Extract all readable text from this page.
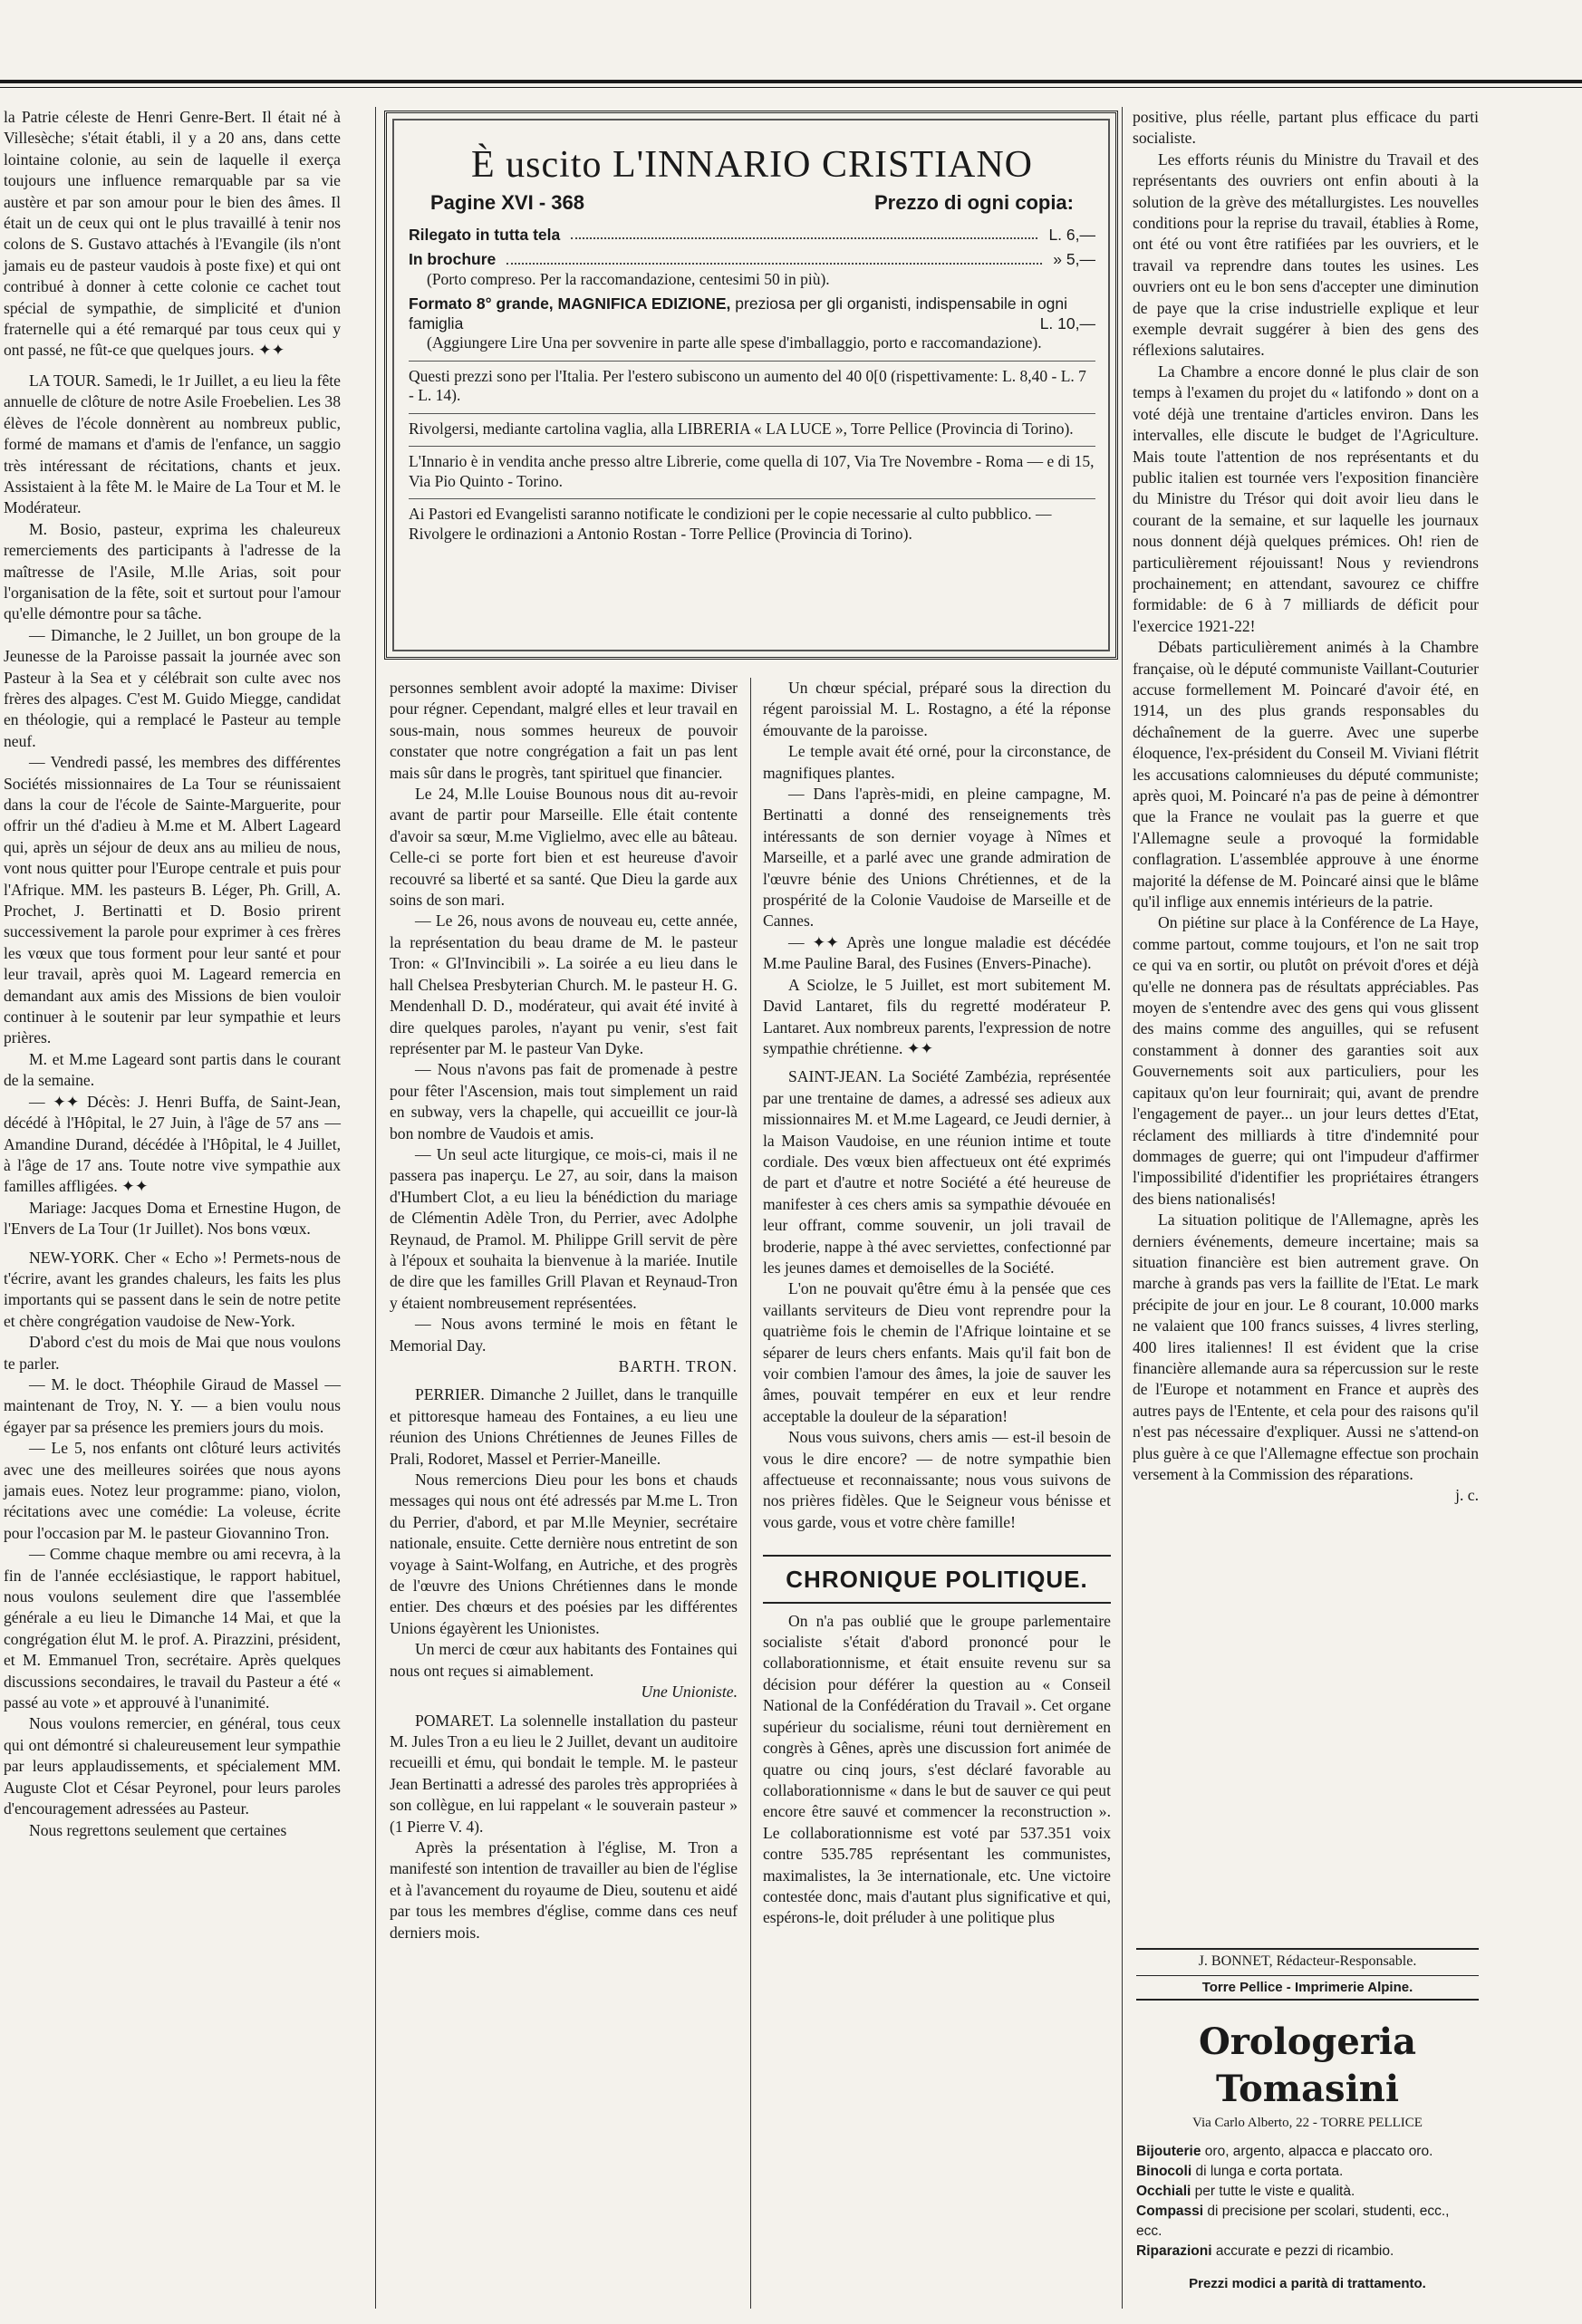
la Patrie céleste de Henri Genre-Bert. Il était né à Villesèche; s'était établi, il y a 20 ans, dans cette lointaine colonie, au sein de laquelle il exerça toujours une influence remarquable par sa vie austère et par son amour pour le bien des âmes. Il était un de ceux qui ont le plus travaillé à tenir nos colons de S. Gustavo attachés à l'Evangile (ils n'ont jamais eu de pasteur vaudois à poste fixe) et qui ont contribué à donner à cette colonie ce cachet tout spécial de sympathie, de simplicité et d'union fraternelle qui a été remarqué par tous ceux qui y ont passé, ne fût-ce que quelques jours. ✦✦

LA TOUR. Samedi, le 1r Juillet, a eu lieu la fête annuelle de clôture de notre Asile Froebelien. Les 38 élèves de l'école donnèrent au nombreux public, formé de mamans et d'amis de l'enfance, un saggio très intéressant de récitations, chants et jeux. Assistaient à la fête M. le Maire de La Tour et M. le Modérateur.

M. Bosio, pasteur, exprima les chaleureux remerciements des participants à l'adresse de la maîtresse de l'Asile, M.lle Arias, soit pour l'organisation de la fête, soit et surtout pour l'amour qu'elle démontre pour sa tâche.

— Dimanche, le 2 Juillet, un bon groupe de la Jeunesse de la Paroisse passait la journée avec son Pasteur à la Sea et y célébrait son culte avec nos frères des alpages. C'est M. Guido Miegge, candidat en théologie, qui a remplacé le Pasteur au temple neuf.

— Vendredi passé, les membres des différentes Sociétés missionnaires de La Tour se réunissaient dans la cour de l'école de Sainte-Marguerite, pour offrir un thé d'adieu à M.me et M. Albert Lageard qui, après un séjour de deux ans au milieu de nous, vont nous quitter pour l'Europe centrale et puis pour l'Afrique. MM. les pasteurs B. Léger, Ph. Grill, A. Prochet, J. Bertinatti et D. Bosio prirent successivement la parole pour exprimer à ces frères les vœux que tous forment pour leur santé et pour leur travail, après quoi M. Lageard remercia en demandant aux amis des Missions de bien vouloir continuer à le soutenir par leur sympathie et leurs prières.

M. et M.me Lageard sont partis dans le courant de la semaine.

— ✦✦ Décès: J. Henri Buffa, de Saint-Jean, décédé à l'Hôpital, le 27 Juin, à l'âge de 57 ans — Amandine Durand, décédée à l'Hôpital, le 4 Juillet, à l'âge de 17 ans. Toute notre vive sympathie aux familles affligées. ✦✦

Mariage: Jacques Doma et Ernestine Hugon, de l'Envers de La Tour (1r Juillet). Nos bons vœux.

NEW-YORK. Cher « Echo »! Permets-nous de t'écrire, avant les grandes chaleurs, les faits les plus importants qui se passent dans le sein de notre petite et chère congrégation vaudoise de New-York.

D'abord c'est du mois de Mai que nous voulons te parler.

— M. le doct. Théophile Giraud de Massel — maintenant de Troy, N. Y. — a bien voulu nous égayer par sa présence les premiers jours du mois.

— Le 5, nos enfants ont clôturé leurs activités avec une des meilleures soirées que nous ayons jamais eues. Notez leur programme: piano, violon, récitations avec une comédie: La voleuse, écrite pour l'occasion par M. le pasteur Giovannino Tron.

— Comme chaque membre ou ami recevra, à la fin de l'année ecclésiastique, le rapport habituel, nous voulons seulement dire que l'assemblée générale a eu lieu le Dimanche 14 Mai, et que la congrégation élut M. le prof. A. Pirazzini, président, et M. Emmanuel Tron, secrétaire. Après quelques discussions secondaires, le travail du Pasteur a été « passé au vote » et approuvé à l'unanimité.

Nous voulons remercier, en général, tous ceux qui ont démontré si chaleureusement leur sympathie par leurs applaudissements, et spécialement MM. Auguste Clot et César Peyronel, pour leurs paroles d'encouragement adressées au Pasteur.

Nous regrettons seulement que certaines

È uscito L'INNARIO CRISTIANO
Pagine XVI - 368	Prezzo di ogni copia:
Rilegato in tutta tela	L. 6,—
In brochure	» 5,—

(Porto compreso. Per la raccomandazione, centesimi 50 in più).

Formato 8° grande, MAGNIFICA EDIZIONE, preziosa per gli organisti, indispensabile in ogni famiglia	L. 10,—

(Aggiungere Lire Una per sovvenire in parte alle spese d'imballaggio, porto e raccomandazione).

Questi prezzi sono per l'Italia. Per l'estero subiscono un aumento del 40 0[0 (rispettivamente: L. 8,40 - L. 7 - L. 14).

Rivolgersi, mediante cartolina vaglia, alla LIBRERIA « LA LUCE », Torre Pellice (Provincia di Torino).

L'Innario è in vendita anche presso altre Librerie, come quella di 107, Via Tre Novembre - Roma — e di 15, Via Pio Quinto - Torino.

Ai Pastori ed Evangelisti saranno notificate le condizioni per le copie necessarie al culto pubblico. — Rivolgere le ordinazioni a Antonio Rostan - Torre Pellice (Provincia di Torino).

personnes semblent avoir adopté la maxime: Diviser pour régner. Cependant, malgré elles et leur travail en sous-main, nous sommes heureux de pouvoir constater que notre congrégation a fait un pas lent mais sûr dans le progrès, tant spirituel que financier.

Le 24, M.lle Louise Bounous nous dit au-revoir avant de partir pour Marseille. Elle était contente d'avoir sa sœur, M.me Viglielmo, avec elle au bâteau. Celle-ci se porte fort bien et est heureuse d'avoir recouvré sa liberté et sa santé. Que Dieu la garde aux soins de son mari.

— Le 26, nous avons de nouveau eu, cette année, la représentation du beau drame de M. le pasteur Tron: « Gl'Invincibili ». La soirée a eu lieu dans le hall Chelsea Presbyterian Church. M. le pasteur H. G. Mendenhall D. D., modérateur, qui avait été invité à dire quelques paroles, n'ayant pu venir, s'est fait représenter par M. le pasteur Van Dyke.

— Nous n'avons pas fait de promenade à pestre pour fêter l'Ascension, mais tout simplement un raid en subway, vers la chapelle, qui accueillit ce jour-là bon nombre de Vaudois et amis.

— Un seul acte liturgique, ce mois-ci, mais il ne passera pas inaperçu. Le 27, au soir, dans la maison d'Humbert Clot, a eu lieu la bénédiction du mariage de Clémentin Adèle Tron, du Perrier, avec Adolphe Reynaud, de Pramol. M. Philippe Grill servit de père à l'époux et souhaita la bienvenue à la mariée. Inutile de dire que les familles Grill Plavan et Reynaud-Tron y étaient nombreusement représentées.

— Nous avons terminé le mois en fêtant le Memorial Day.

BARTH. TRON.

PERRIER. Dimanche 2 Juillet, dans le tranquille et pittoresque hameau des Fontaines, a eu lieu une réunion des Unions Chrétiennes de Jeunes Filles de Prali, Rodoret, Massel et Perrier-Maneille.

Nous remercions Dieu pour les bons et chauds messages qui nous ont été adressés par M.me L. Tron du Perrier, d'abord, et par M.lle Meynier, secrétaire nationale, ensuite. Cette dernière nous entretint de son voyage à Saint-Wolfang, en Autriche, et des progrès de l'œuvre des Unions Chrétiennes dans le monde entier. Des chœurs et des poésies par les différentes Unions égayèrent les Unionistes.

Un merci de cœur aux habitants des Fontaines qui nous ont reçues si aimablement.

Une Unioniste.

POMARET. La solennelle installation du pasteur M. Jules Tron a eu lieu le 2 Juillet, devant un auditoire recueilli et ému, qui bondait le temple. M. le pasteur Jean Bertinatti a adressé des paroles très appropriées à son collègue, en lui rappelant « le souverain pasteur » (1 Pierre V. 4).

Après la présentation à l'église, M. Tron a manifesté son intention de travailler au bien de l'église et à l'avancement du royaume de Dieu, soutenu et aidé par tous les membres d'église, comme dans ces neuf derniers mois.

Un chœur spécial, préparé sous la direction du régent paroissial M. L. Rostagno, a été la réponse émouvante de la paroisse.

Le temple avait été orné, pour la circonstance, de magnifiques plantes.

— Dans l'après-midi, en pleine campagne, M. Bertinatti a donné des renseignements très intéressants de son dernier voyage à Nîmes et Marseille, et a parlé avec une grande admiration de l'œuvre bénie des Unions Chrétiennes, et de la prospérité de la Colonie Vaudoise de Marseille et de Cannes.

— ✦✦ Après une longue maladie est décédée M.me Pauline Baral, des Fusines (Envers-Pinache).

A Sciolze, le 5 Juillet, est mort subitement M. David Lantaret, fils du regretté modérateur P. Lantaret. Aux nombreux parents, l'expression de notre sympathie chrétienne. ✦✦

SAINT-JEAN. La Société Zambézia, représentée par une trentaine de dames, a adressé ses adieux aux missionnaires M. et M.me Lageard, ce Jeudi dernier, à la Maison Vaudoise, en une réunion intime et toute cordiale. Des vœux bien affectueux ont été exprimés de part et d'autre et notre Société a été heureuse de manifester à ces chers amis sa sympathie dévouée en leur offrant, comme souvenir, un joli travail de broderie, nappe à thé avec serviettes, confectionné par les jeunes dames et demoiselles de la Société.

L'on ne pouvait qu'être ému à la pensée que ces vaillants serviteurs de Dieu vont reprendre pour la quatrième fois le chemin de l'Afrique lointaine et se séparer de leurs chers enfants. Mais qu'il fait bon de voir combien l'amour des âmes, la joie de sauver les âmes, pouvait tempérer en eux et leur rendre acceptable la douleur de la séparation!

Nous vous suivons, chers amis — est-il besoin de vous le dire encore? — de notre sympathie bien affectueuse et reconnaissante; nous vous suivons de nos prières fidèles. Que le Seigneur vous bénisse et vous garde, vous et votre chère famille!

CHRONIQUE POLITIQUE.

On n'a pas oublié que le groupe parlementaire socialiste s'était d'abord prononcé pour le collaborationnisme, et était ensuite revenu sur sa décision pour déférer la question au « Conseil National de la Confédération du Travail ». Cet organe supérieur du socialisme, réuni tout dernièrement en congrès à Gênes, après une discussion fort animée de quatre ou cinq jours, s'est déclaré favorable au collaborationnisme « dans le but de sauver ce qui peut encore être sauvé et commencer la reconstruction ». Le collaborationnisme est voté par 537.351 voix contre 535.785 représentant les communistes, maximalistes, la 3e internationale, etc. Une victoire contestée donc, mais d'autant plus significative et qui, espérons-le, doit préluder à une politique plus

positive, plus réelle, partant plus efficace du parti socialiste.

Les efforts réunis du Ministre du Travail et des représentants des ouvriers ont enfin abouti à la solution de la grève des métallurgistes. Les nouvelles conditions pour la reprise du travail, établies à Rome, ont été ou vont être ratifiées par les ouvriers, et le travail va reprendre dans toutes les usines. Les ouvriers ont eu le bon sens d'accepter une diminution de paye que la crise industrielle explique et leur exemple devrait suggérer à bien des gens des réflexions salutaires.

La Chambre a encore donné le plus clair de son temps à l'examen du projet du « latifondo » dont on a voté déjà une trentaine d'articles environ. Dans les intervalles, elle discute le budget de l'Agriculture. Mais toute l'attention de nos représentants et du public italien est tournée vers l'exposition financière du Ministre du Trésor qui doit avoir lieu dans le courant de la semaine, et sur laquelle les journaux nous donnent déjà quelques prémices. Oh! rien de particulièrement réjouissant! Nous y reviendrons prochainement; en attendant, savourez ce chiffre formidable: de 6 à 7 milliards de déficit pour l'exercice 1921-22!

Débats particulièrement animés à la Chambre française, où le député communiste Vaillant-Couturier accuse formellement M. Poincaré d'avoir été, en 1914, un des plus grands responsables du déchaînement de la guerre. Avec une superbe éloquence, l'ex-président du Conseil M. Viviani flétrit les accusations calomnieuses du député communiste; après quoi, M. Poincaré n'a pas de peine à démontrer que la France ne voulait pas la guerre et que l'Allemagne seule a provoqué la formidable conflagration. L'assemblée approuve à une énorme majorité la défense de M. Poincaré ainsi que le blâme qu'il inflige aux ennemis intérieurs de la patrie.

On piétine sur place à la Conférence de La Haye, comme partout, comme toujours, et l'on ne sait trop ce qui va en sortir, ou plutôt on prévoit d'ores et déjà qu'elle ne donnera pas de résultats appréciables. Pas moyen de s'entendre avec des gens qui vous glissent des mains comme des anguilles, qui se refusent constamment à donner des garanties soit aux Gouvernements soit aux particuliers, pour les capitaux qu'on leur fournirait; qui, avant de prendre l'engagement de payer... un jour leurs dettes d'Etat, réclament des milliards à titre d'indemnité pour dommages de guerre; qui ont l'impudeur d'affirmer l'impossibilité d'identifier les propriétaires étrangers des biens nationalisés!

La situation politique de l'Allemagne, après les derniers événements, demeure incertaine; mais sa situation financière est bien autrement grave. On marche à grands pas vers la faillite de l'Etat. Le mark précipite de jour en jour. Le 8 courant, 10.000 marks ne valaient que 100 francs suisses, 4 livres sterling, 400 lires italiennes! Il est évident que la crise financière allemande aura sa répercussion sur le reste de l'Europe et notamment en France et auprès des autres pays de l'Entente, et cela pour des raisons qu'il n'est pas nécessaire d'expliquer. Aussi ne s'attend-on plus guère à ce que l'Allemagne effectue son prochain versement à la Commission des réparations.

j. c.

J. BONNET, Rédacteur-Responsable.
Torre Pellice - Imprimerie Alpine.
Orologeria Tomasini
Via Carlo Alberto, 22 - TORRE PELLICE
Bijouterie oro, argento, alpacca e placcato oro.
Binocoli di lunga e corta portata.
Occhiali per tutte le viste e qualità.
Compassi di precisione per scolari, studenti, ecc., ecc.
Riparazioni accurate e pezzi di ricambio.
Prezzi modici a parità di trattamento.
